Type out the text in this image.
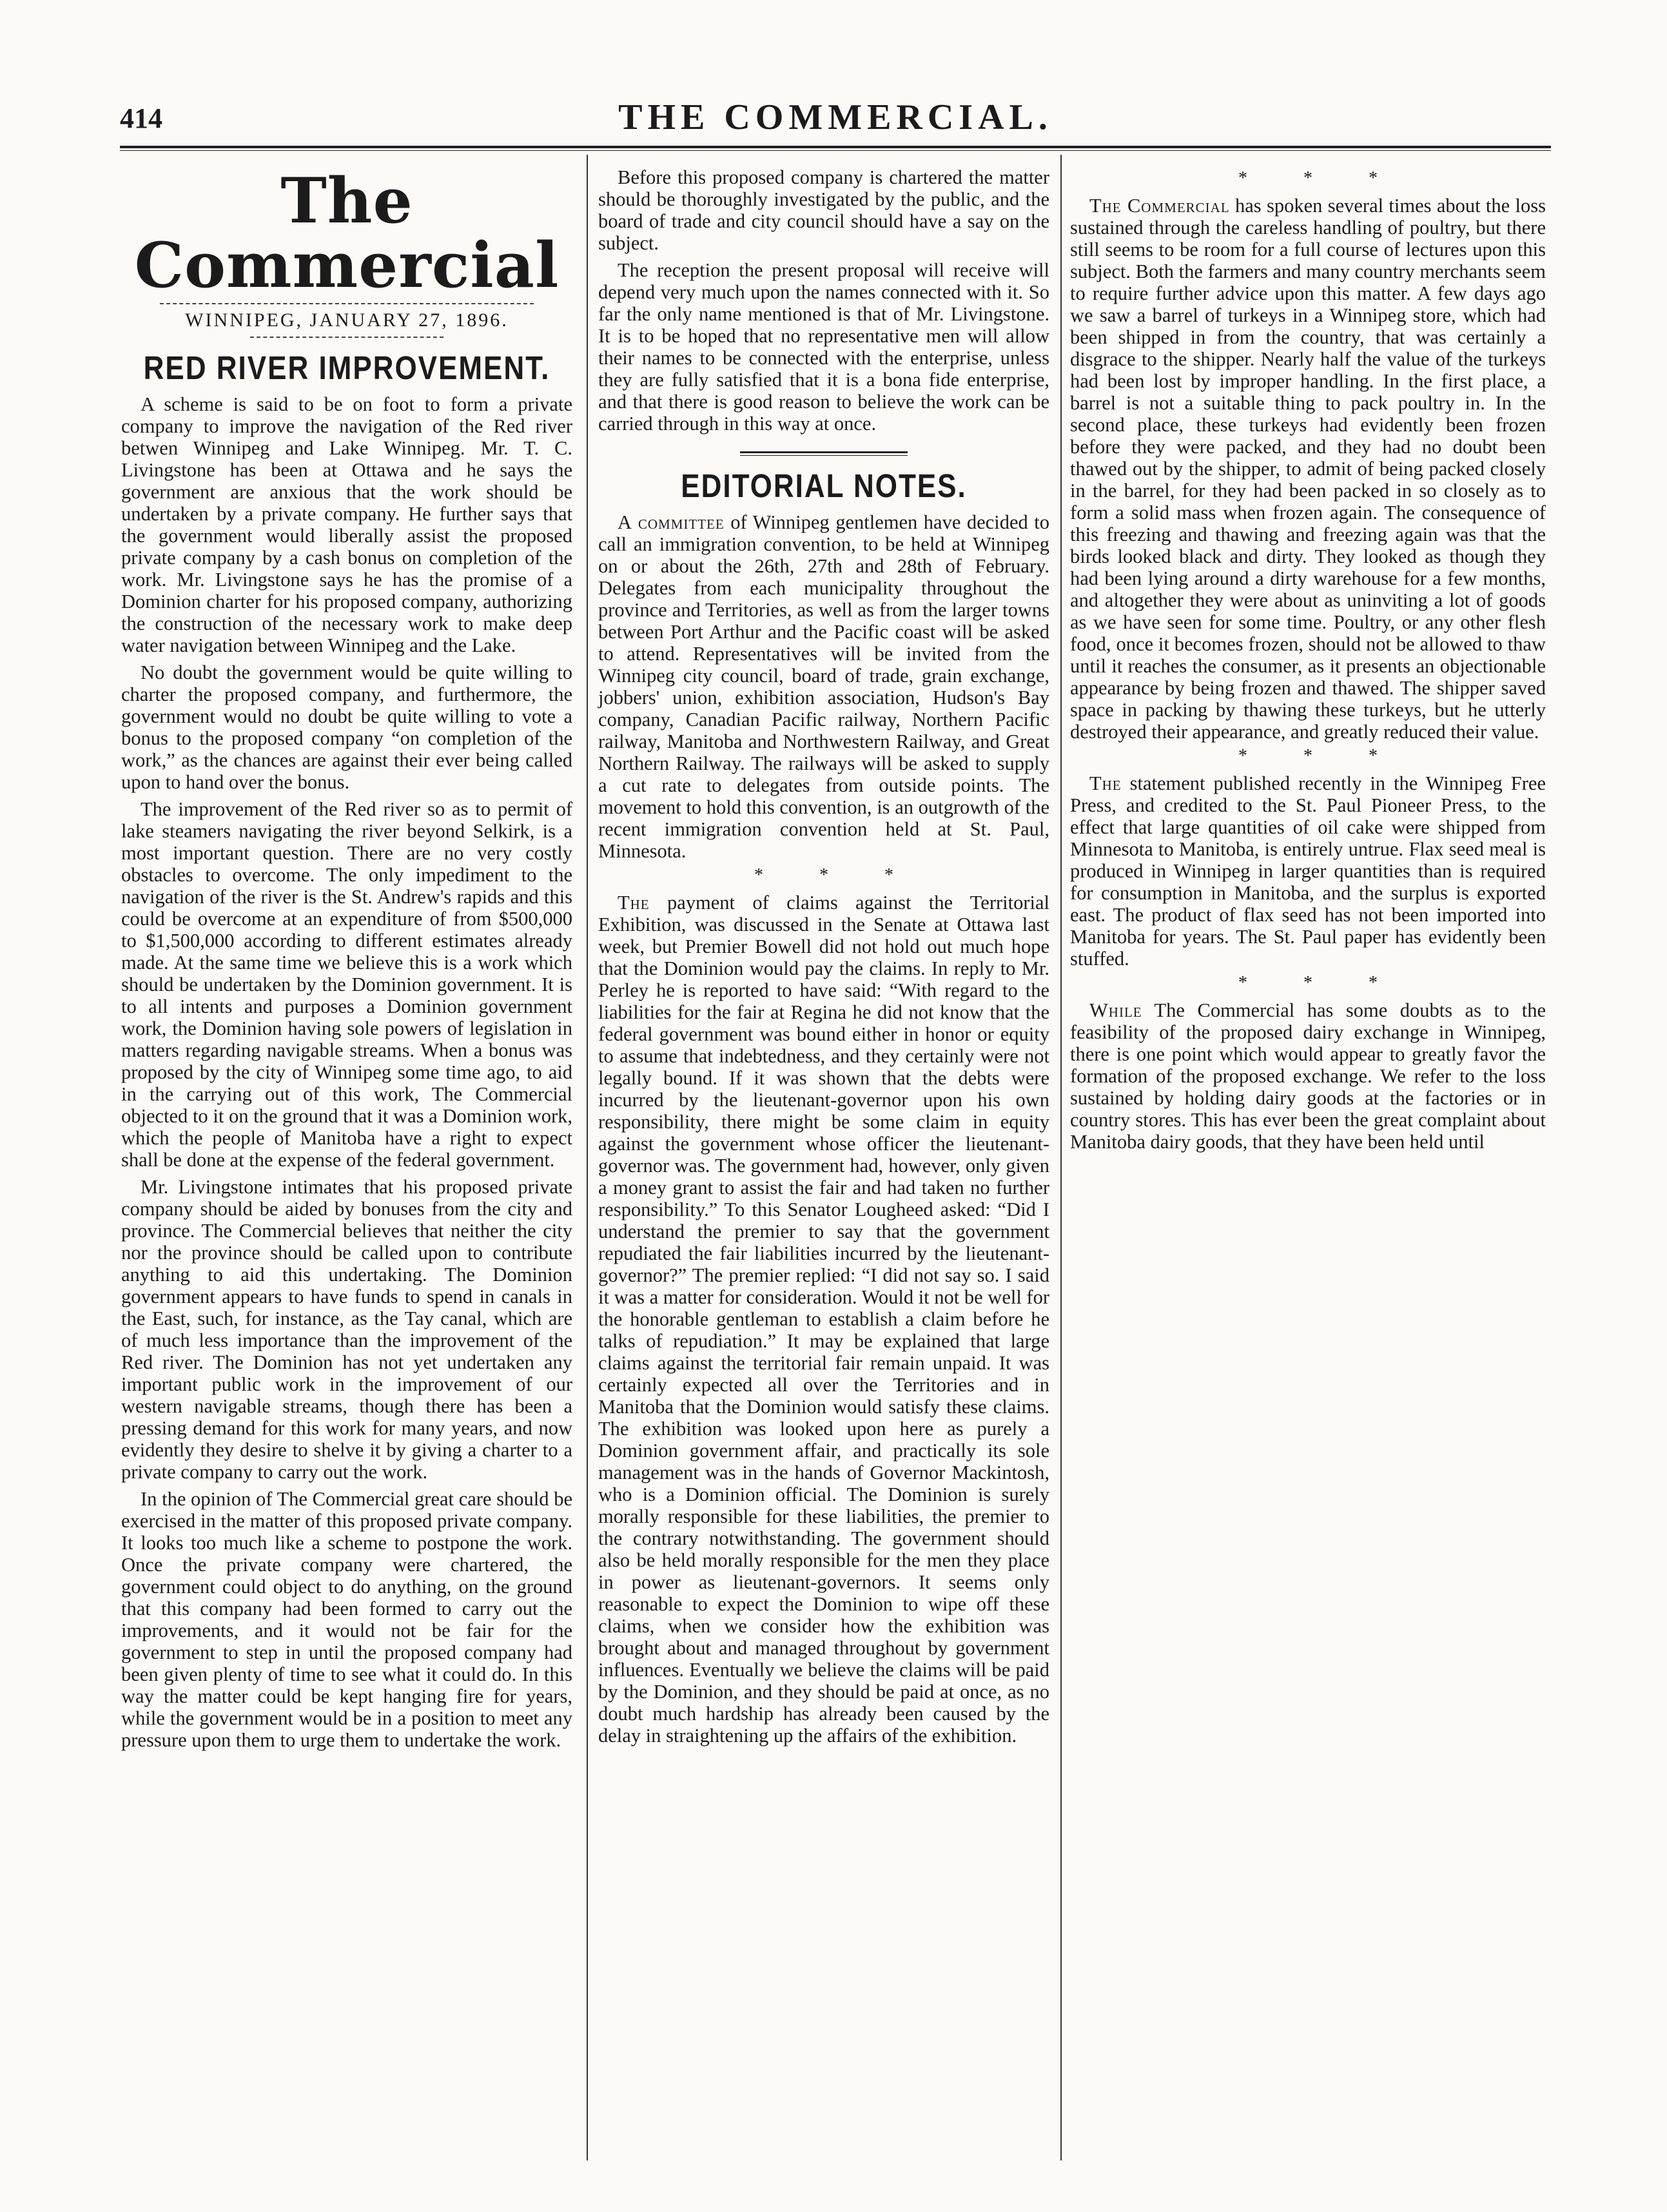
414	THE COMMERCIAL.
The Commercial
WINNIPEG, JANUARY 27, 1896.
RED RIVER IMPROVEMENT.

A scheme is said to be on foot to form a private company to improve the navigation of the Red river betwen Winnipeg and Lake Winnipeg. Mr. T. C. Livingstone has been at Ottawa and he says the government are anxious that the work should be undertaken by a private company. He further says that the government would liberally assist the proposed private company by a cash bonus on completion of the work. Mr. Livingstone says he has the promise of a Dominion charter for his proposed company, authorizing the construction of the necessary work to make deep water navigation between Winnipeg and the Lake.

No doubt the government would be quite willing to charter the proposed company, and furthermore, the government would no doubt be quite willing to vote a bonus to the proposed company “on completion of the work,” as the chances are against their ever being called upon to hand over the bonus.

The improvement of the Red river so as to permit of lake steamers navigating the river beyond Selkirk, is a most important question. There are no very costly obstacles to overcome. The only impediment to the navigation of the river is the St. Andrew's rapids and this could be overcome at an expenditure of from $500,000 to $1,500,000 according to different estimates already made. At the same time we believe this is a work which should be undertaken by the Dominion government. It is to all intents and purposes a Dominion government work, the Dominion having sole powers of legislation in matters regarding navigable streams. When a bonus was proposed by the city of Winnipeg some time ago, to aid in the carrying out of this work, The Commercial objected to it on the ground that it was a Dominion work, which the people of Manitoba have a right to expect shall be done at the expense of the federal government.

Mr. Livingstone intimates that his proposed private company should be aided by bonuses from the city and province. The Commercial believes that neither the city nor the province should be called upon to contribute anything to aid this undertaking. The Dominion government appears to have funds to spend in canals in the East, such, for instance, as the Tay canal, which are of much less importance than the improvement of the Red river. The Dominion has not yet undertaken any important public work in the improvement of our western navigable streams, though there has been a pressing demand for this work for many years, and now evidently they desire to shelve it by giving a charter to a private company to carry out the work.

In the opinion of The Commercial great care should be exercised in the matter of this proposed private company. It looks too much like a scheme to postpone the work. Once the private company were chartered, the government could object to do anything, on the ground that this company had been formed to carry out the improvements, and it would not be fair for the government to step in until the proposed company had been given plenty of time to see what it could do. In this way the matter could be kept hanging fire for years, while the government would be in a position to meet any pressure upon them to urge them to undertake the work.

Before this proposed company is chartered the matter should be thoroughly investigated by the public, and the board of trade and city council should have a say on the subject.

The reception the present proposal will receive will depend very much upon the names connected with it. So far the only name mentioned is that of Mr. Livingstone. It is to be hoped that no representative men will allow their names to be connected with the enterprise, unless they are fully satisfied that it is a bona fide enterprise, and that there is good reason to believe the work can be carried through in this way at once.

EDITORIAL NOTES.

A committee of Winnipeg gentlemen have decided to call an immigration convention, to be held at Winnipeg on or about the 26th, 27th and 28th of February. Delegates from each municipality throughout the province and Territories, as well as from the larger towns between Port Arthur and the Pacific coast will be asked to attend. Representatives will be invited from the Winnipeg city council, board of trade, grain exchange, jobbers' union, exhibition association, Hudson's Bay company, Canadian Pacific railway, Northern Pacific railway, Manitoba and Northwestern Railway, and Great Northern Railway. The railways will be asked to supply a cut rate to delegates from outside points. The movement to hold this convention, is an outgrowth of the recent immigration convention held at St. Paul, Minnesota.

* * *

The payment of claims against the Territorial Exhibition, was discussed in the Senate at Ottawa last week, but Premier Bowell did not hold out much hope that the Dominion would pay the claims. In reply to Mr. Perley he is reported to have said: “With regard to the liabilities for the fair at Regina he did not know that the federal government was bound either in honor or equity to assume that indebtedness, and they certainly were not legally bound. If it was shown that the debts were incurred by the lieutenant-governor upon his own responsibility, there might be some claim in equity against the government whose officer the lieutenant-governor was. The government had, however, only given a money grant to assist the fair and had taken no further responsibility.” To this Senator Lougheed asked: “Did I understand the premier to say that the government repudiated the fair liabilities incurred by the lieutenant-governor?” The premier replied: “I did not say so. I said it was a matter for consideration. Would it not be well for the honorable gentleman to establish a claim before he talks of repudiation.” It may be explained that large claims against the territorial fair remain unpaid. It was certainly expected all over the Territories and in Manitoba that the Dominion would satisfy these claims. The exhibition was looked upon here as purely a Dominion government affair, and practically its sole management was in the hands of Governor Mackintosh, who is a Dominion official. The Dominion is surely morally responsible for these liabilities, the premier to the contrary notwithstanding. The government should also be held morally responsible for the men they place in power as lieutenant-governors. It seems only reasonable to expect the Dominion to wipe off these claims, when we consider how the exhibition was brought about and managed throughout by government influences. Eventually we believe the claims will be paid by the Dominion, and they should be paid at once, as no doubt much hardship has already been caused by the delay in straightening up the affairs of the exhibition.

* * *

The Commercial has spoken several times about the loss sustained through the careless handling of poultry, but there still seems to be room for a full course of lectures upon this subject. Both the farmers and many country merchants seem to require further advice upon this matter. A few days ago we saw a barrel of turkeys in a Winnipeg store, which had been shipped in from the country, that was certainly a disgrace to the shipper. Nearly half the value of the turkeys had been lost by improper handling. In the first place, a barrel is not a suitable thing to pack poultry in. In the second place, these turkeys had evidently been frozen before they were packed, and they had no doubt been thawed out by the shipper, to admit of being packed closely in the barrel, for they had been packed in so closely as to form a solid mass when frozen again. The consequence of this freezing and thawing and freezing again was that the birds looked black and dirty. They looked as though they had been lying around a dirty warehouse for a few months, and altogether they were about as uninviting a lot of goods as we have seen for some time. Poultry, or any other flesh food, once it becomes frozen, should not be allowed to thaw until it reaches the consumer, as it presents an objectionable appearance by being frozen and thawed. The shipper saved space in packing by thawing these turkeys, but he utterly destroyed their appearance, and greatly reduced their value.

* * *

The statement published recently in the Winnipeg Free Press, and credited to the St. Paul Pioneer Press, to the effect that large quantities of oil cake were shipped from Minnesota to Manitoba, is entirely untrue. Flax seed meal is produced in Winnipeg in larger quantities than is required for consumption in Manitoba, and the surplus is exported east. The product of flax seed has not been imported into Manitoba for years. The St. Paul paper has evidently been stuffed.

* * *

While The Commercial has some doubts as to the feasibility of the proposed dairy exchange in Winnipeg, there is one point which would appear to greatly favor the formation of the proposed exchange. We refer to the loss sustained by holding dairy goods at the factories or in country stores. This has ever been the great complaint about Manitoba dairy goods, that they have been held until
